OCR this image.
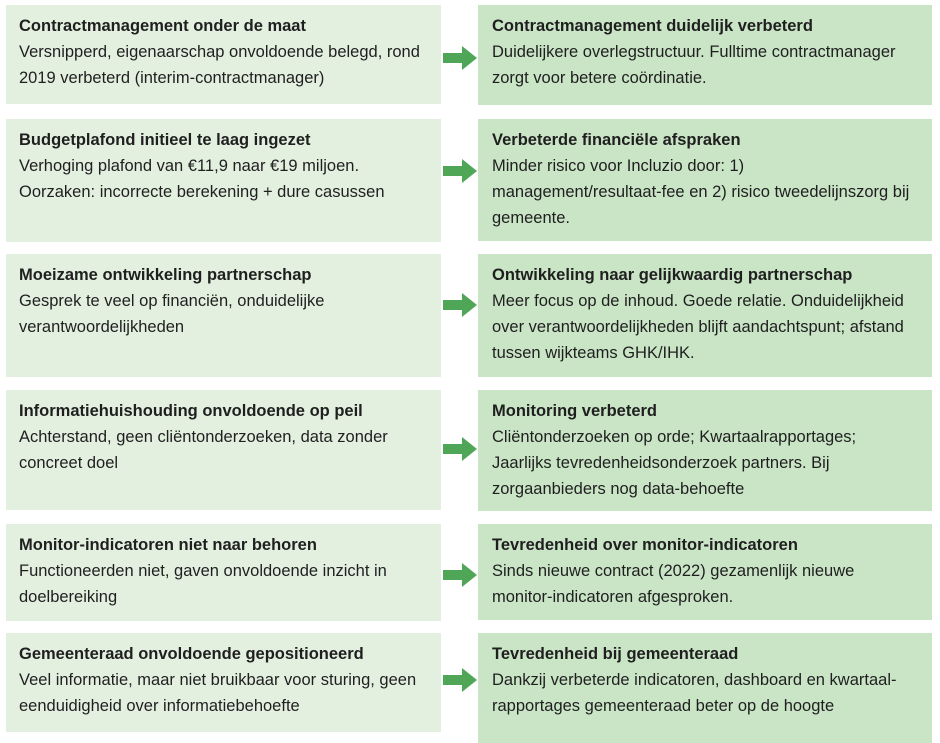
Contractmanagement onder de maat
Versnipperd, eigenaarschap onvoldoende belegd, rond 2019 verbeterd (interim-contractmanager)
Contractmanagement duidelijk verbeterd
Duidelijkere overlegstructuur. Fulltime contractmanager zorgt voor betere coördinatie.
Budgetplafond initieel te laag ingezet
Verhoging plafond van €11,9 naar €19 miljoen. Oorzaken: incorrecte berekening + dure casussen
Verbeterde financiële afspraken
Minder risico voor Incluzio door: 1) management/resultaat-fee en 2) risico tweedelijnszorg bij gemeente.
Moeizame ontwikkeling partnerschap
Gesprek te veel op financiën, onduidelijke verantwoordelijkheden
Ontwikkeling naar gelijkwaardig partnerschap
Meer focus op de inhoud. Goede relatie. Onduidelijkheid over verantwoordelijkheden blijft aandachtspunt; afstand tussen wijkteams GHK/IHK.
Informatiehuishouding onvoldoende op peil
Achterstand, geen cliëntonderzoeken, data zonder concreet doel
Monitoring verbeterd
Cliëntonderzoeken op orde; Kwartaalrapportages; Jaarlijks tevredenheidsonderzoek partners. Bij zorgaanbieders nog data-behoefte
Monitor-indicatoren niet naar behoren
Functioneerden niet, gaven onvoldoende inzicht in doelbereiking
Tevredenheid over monitor-indicatoren
Sinds nieuwe contract (2022) gezamenlijk nieuwe monitor-indicatoren afgesproken.
Gemeenteraad onvoldoende gepositioneerd
Veel informatie, maar niet bruikbaar voor sturing, geen eenduidigheid over informatiebehoefte
Tevredenheid bij gemeenteraad
Dankzij verbeterde indicatoren, dashboard en kwartaal-rapportages gemeenteraad beter op de hoogte
